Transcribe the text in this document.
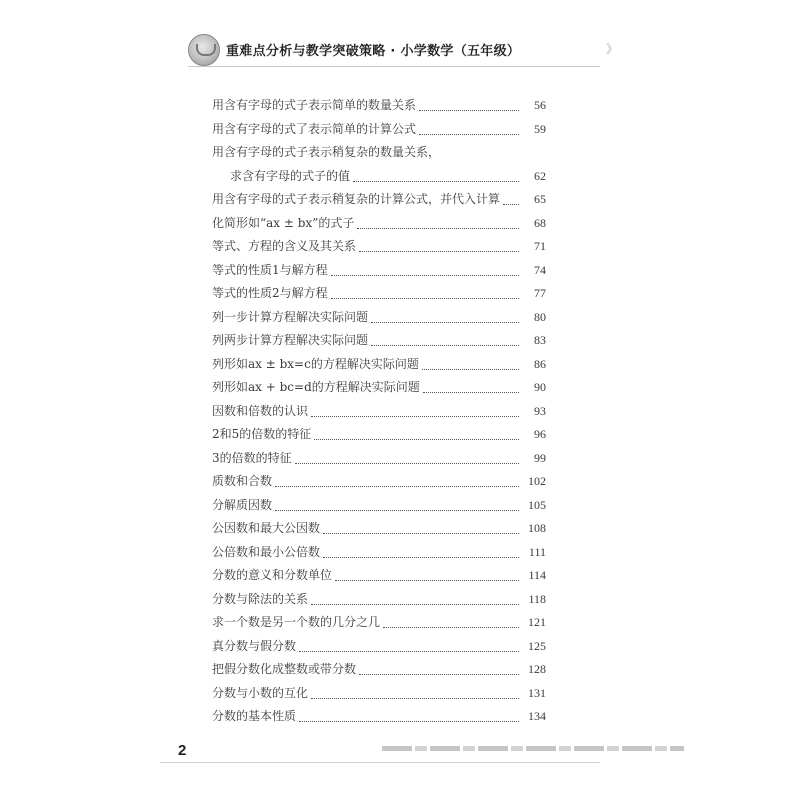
重难点分析与教学突破策略 · 小学数学（五年级）	》
用含有字母的式子表示简单的数量关系	56
用含有字母的式了表示简单的计算公式	59
用含有字母的式子表示稍复杂的数量关系，
求含有字母的式子的值	62
用含有字母的式子表示稍复杂的计算公式，并代入计算	65
化简形如“ax ± bx”的式子	68
等式、方程的含义及其关系	71
等式的性质1与解方程	74
等式的性质2与解方程	77
列一步计算方程解决实际问题	80
列两步计算方程解决实际问题	83
列形如ax ± bx=c的方程解决实际问题	86
列形如ax + bc=d的方程解决实际问题	90
因数和倍数的认识	93
2和5的倍数的特征	96
3的倍数的特征	99
质数和合数	102
分解质因数	105
公因数和最大公因数	108
公倍数和最小公倍数	111
分数的意义和分数单位	114
分数与除法的关系	118
求一个数是另一个数的几分之几	121
真分数与假分数	125
把假分数化成整数或带分数	128
分数与小数的互化	131
分数的基本性质	134
2
